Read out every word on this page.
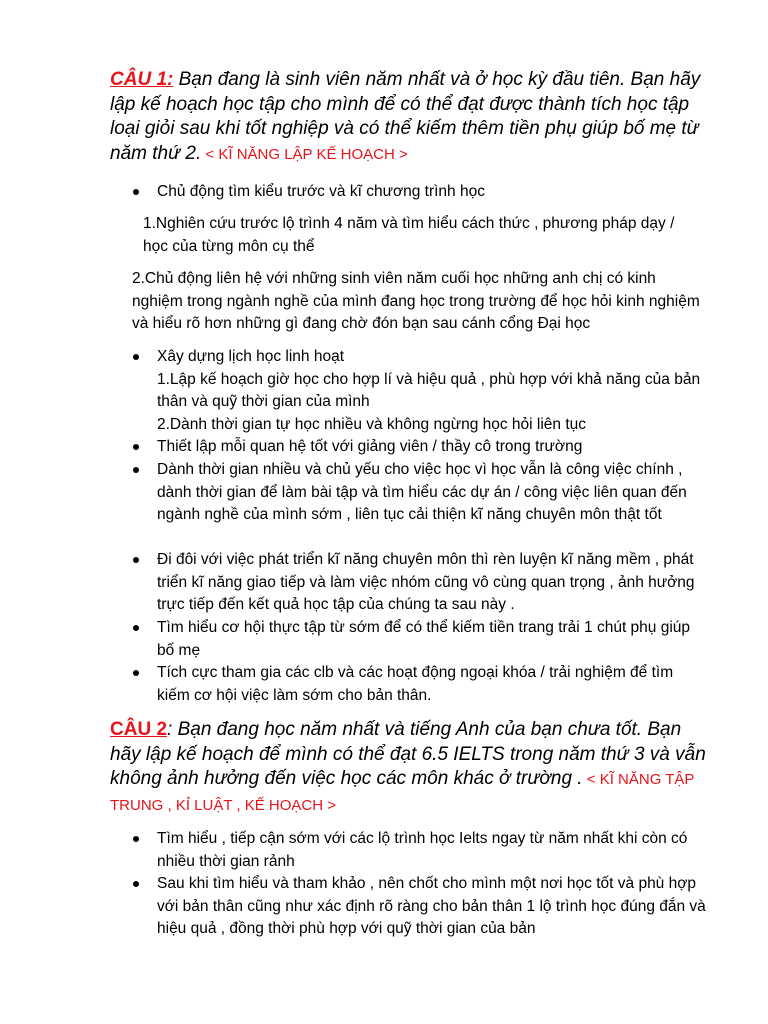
CÂU 1: Bạn đang là sinh viên năm nhất và ở học kỳ đầu tiên. Bạn hãy lập kế hoạch học tập cho mình để có thể đạt được thành tích học tập loại giỏi sau khi tốt nghiệp và có thể kiếm thêm tiền phụ giúp bố mẹ từ năm thứ 2. < KĨ NĂNG LẬP KẾ HOẠCH >
Chủ động tìm kiểu trước và kĩ chương trình học
1.Nghiên cứu trước lộ trình 4 năm và tìm hiểu cách thức , phương pháp dạy / học của từng môn cụ thể
2.Chủ động liên hệ với những sinh viên năm cuối học những anh chị có kinh nghiệm trong ngành nghề của mình đang học trong trường để học hỏi kinh nghiệm và hiểu rõ hơn những gì đang chờ đón bạn sau cánh cổng Đại học
Xây dựng lịch học linh hoạt
1.Lập kế hoạch giờ học cho hợp lí và hiệu quả , phù hợp với khả năng của bản thân và quỹ thời gian của mình
2.Dành thời gian tự học nhiều và không ngừng học hỏi liên tục
Thiết lập mỗi quan hệ tốt với giảng viên / thầy cô trong trường
Dành thời gian nhiều và chủ yếu cho việc học vì học vẫn là công việc chính , dành thời gian để làm bài tập và tìm hiểu các dự án / công việc liên quan đến ngành nghề của mình sớm , liên tục cải thiện kĩ năng chuyên môn thật tốt
Đi đôi với việc phát triển kĩ năng chuyên môn thì rèn luyện kĩ năng mềm , phát triển kĩ năng giao tiếp và làm việc nhóm cũng vô cùng quan trọng , ảnh hưởng trực tiếp đến kết quả học tập của chúng ta sau này .
Tìm hiểu cơ hội thực tập từ sớm để có thể kiếm tiền trang trải 1 chút phụ giúp bố mẹ
Tích cực tham gia các clb và các hoạt động ngoại khóa / trải nghiệm để tìm kiếm cơ hội việc làm sớm cho bản thân.
CÂU 2: Bạn đang học năm nhất và tiếng Anh của bạn chưa tốt. Bạn hãy lập kế hoạch để mình có thể đạt 6.5 IELTS trong năm thứ 3 và vẫn không ảnh hưởng đến việc học các môn khác ở trường . < KĨ NĂNG TẬP TRUNG , KỈ LUẬT , KẾ HOẠCH >
Tìm hiểu , tiếp cận sớm với các lộ trình học Ielts ngay từ năm nhất khi còn có nhiều thời gian rảnh
Sau khi tìm hiểu và tham khảo , nên chốt cho mình một nơi học tốt và phù hợp với bản thân cũng như xác định rõ ràng cho bản thân 1 lộ trình học đúng đắn và hiệu quả , đồng thời phù hợp với quỹ thời gian của bản
